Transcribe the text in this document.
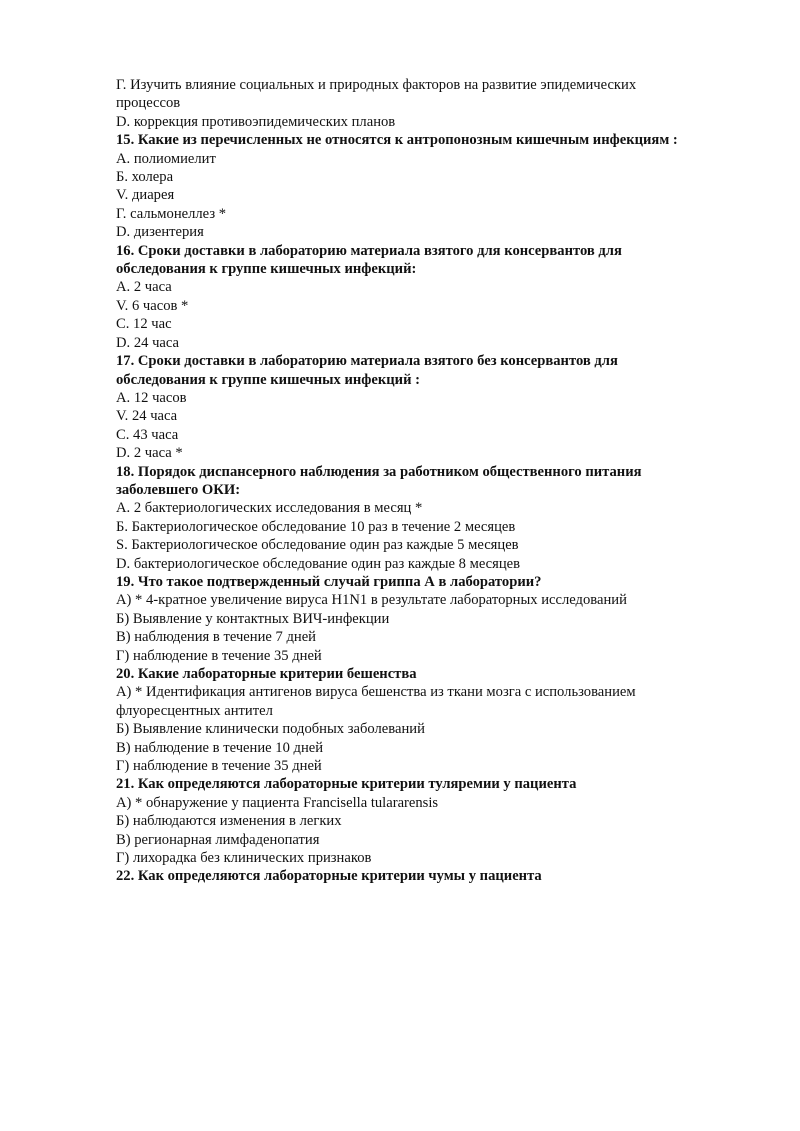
Г. Изучить влияние социальных и природных факторов на развитие эпидемических
процессов
D. коррекция противоэпидемических планов
15. Какие из перечисленных не относятся к антропонозным кишечным инфекциям :
А. полиомиелит
Б. холера
V. диарея
Г. сальмонеллез *
D. дизентерия
16. Сроки доставки в лабораторию материала взятого для консервантов для
обследования к группе кишечных инфекций:
А. 2 часа
V. 6 часов *
С. 12 час
D. 24 часа
17. Сроки доставки в лабораторию материала взятого без консервантов для
обследования к группе кишечных инфекций :
А. 12 часов
V. 24 часа
С. 43 часа
D. 2 часа *
18. Порядок диспансерного наблюдения за работником общественного питания
заболевшего ОКИ:
А. 2 бактериологических исследования в месяц *
Б. Бактериологическое обследование 10 раз в течение 2 месяцев
S. Бактериологическое обследование один раз каждые 5 месяцев
D. бактериологическое обследование один раз каждые 8 месяцев
19. Что такое подтвержденный случай гриппа А в лаборатории?
А) * 4-кратное увеличение вируса H1N1 в результате лабораторных исследований
Б) Выявление у контактных ВИЧ-инфекции
В) наблюдения в течение 7 дней
Г) наблюдение в течение 35 дней
20. Какие лабораторные критерии бешенства
А) * Идентификация антигенов вируса бешенства из ткани мозга с использованием
флуоресцентных антител
Б) Выявление клинически подобных заболеваний
В) наблюдение в течение 10 дней
Г) наблюдение в течение 35 дней
21. Как определяются лабораторные критерии туляремии у пациента
А) * обнаружение у пациента Francisella tulararensis
Б) наблюдаются изменения в легких
В) регионарная лимфаденопатия
Г) лихорадка без клинических признаков
22. Как определяются лабораторные критерии чумы у пациента
